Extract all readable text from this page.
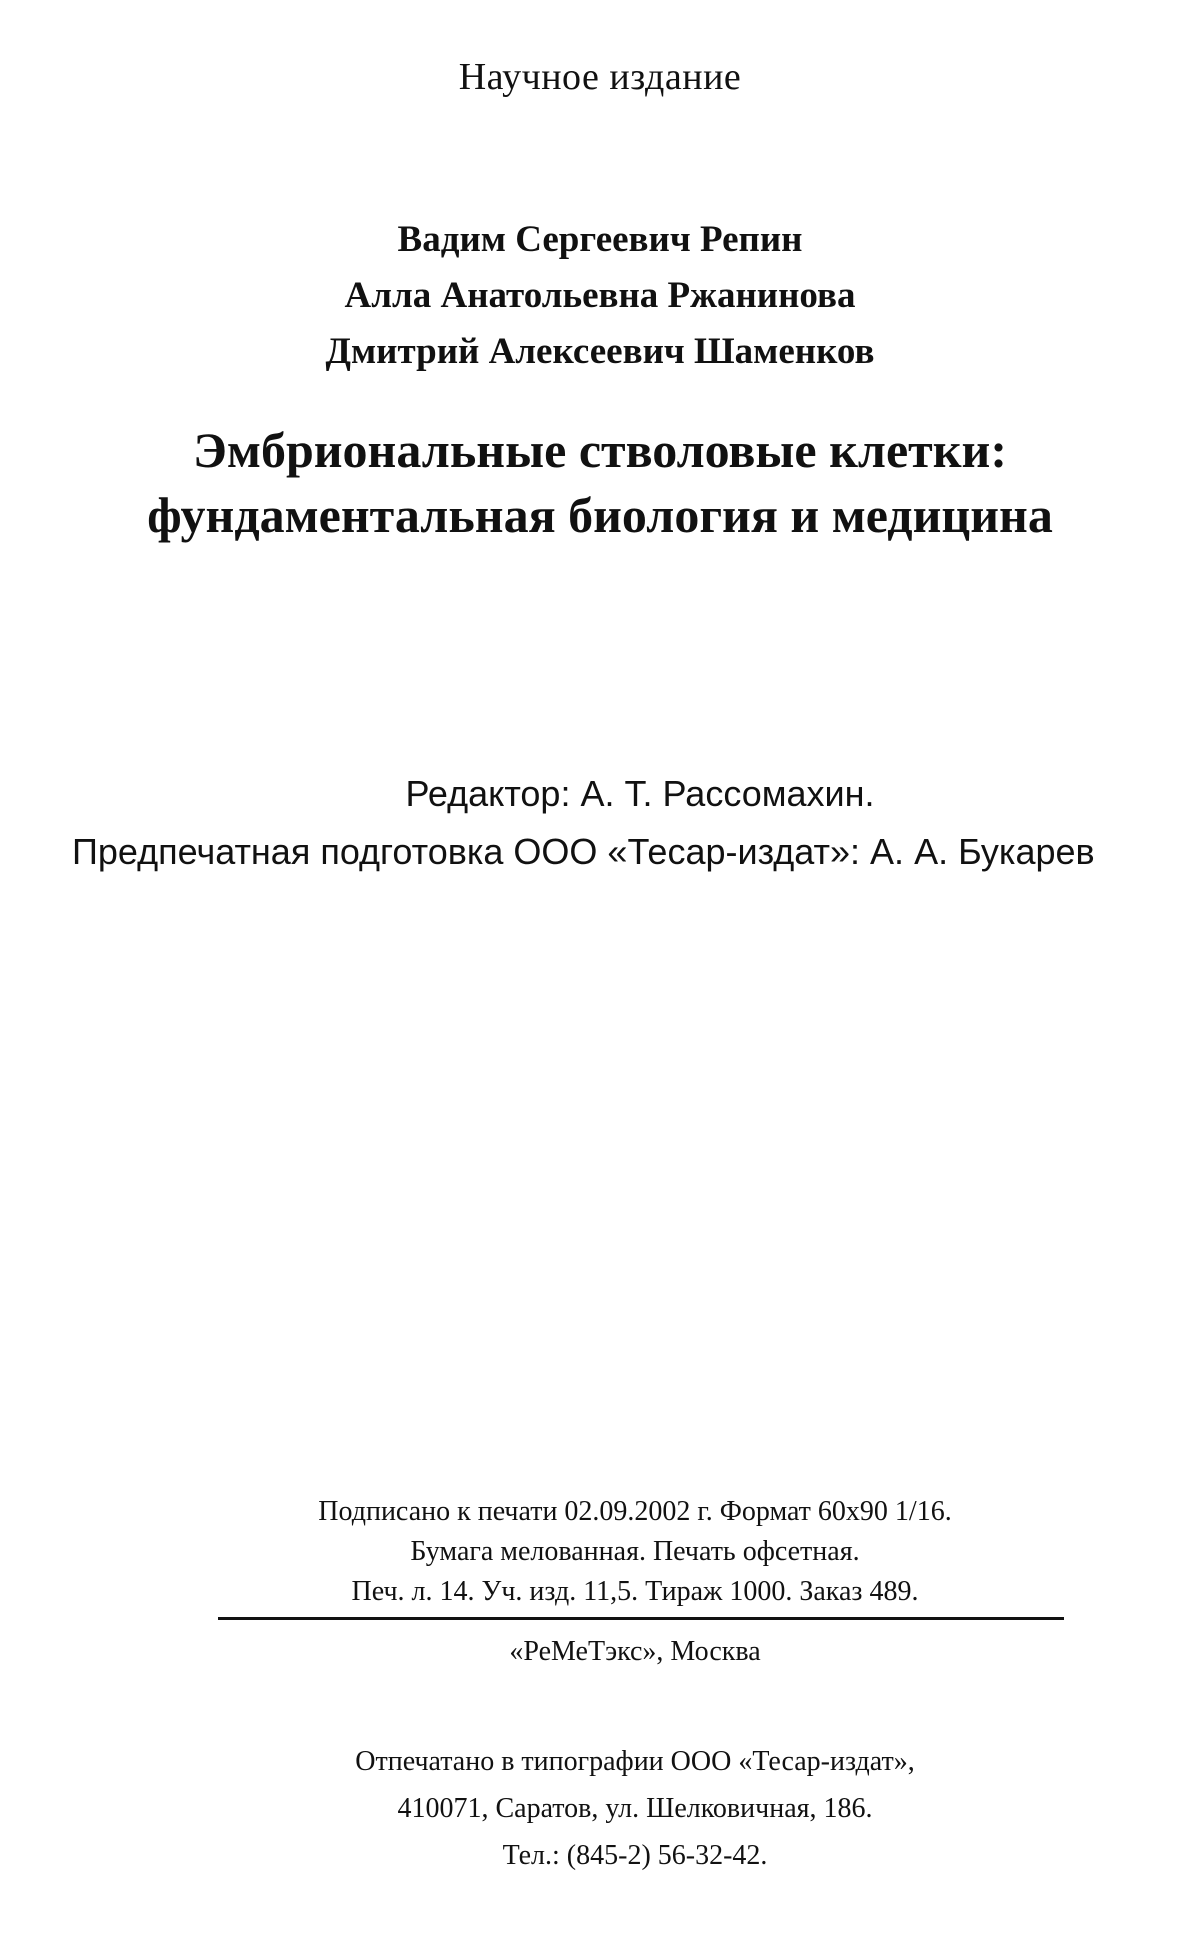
Научное издание
Вадим Сергеевич Репин
Алла Анатольевна Ржанинова
Дмитрий Алексеевич Шаменков
Эмбриональные стволовые клетки:
фундаментальная биология и медицина
Редактор: А. Т. Рассомахин.
Предпечатная подготовка ООО «Тесар-издат»: А. А. Букарев
Подписано к печати 02.09.2002 г. Формат 60x90 1/16.
Бумага мелованная. Печать офсетная.
Печ. л. 14. Уч. изд. 11,5. Тираж 1000. Заказ 489.
«РеМеТэкс», Москва
Отпечатано в типографии ООО «Тесар-издат»,
410071, Саратов, ул. Шелковичная, 186.
Тел.: (845-2) 56-32-42.
